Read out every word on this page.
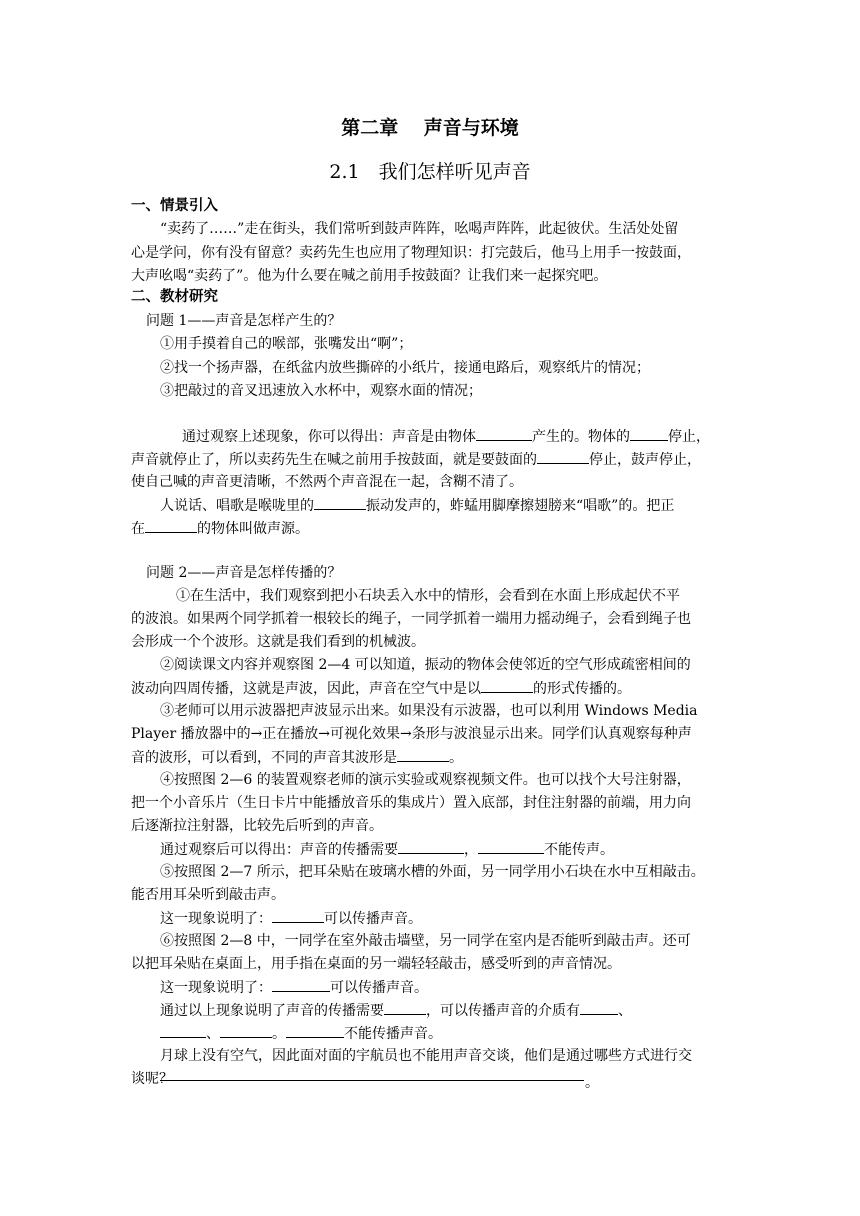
第二章　 声音与环境
2.1　我们怎样听见声音
一、情景引入
“卖药了……”走在街头，我们常听到鼓声阵阵，吆喝声阵阵，此起彼伏。生活处处留
心是学问，你有没有留意？卖药先生也应用了物理知识：打完鼓后，他马上用手一按鼓面，
大声吆喝“卖药了”。他为什么要在喊之前用手按鼓面？让我们来一起探究吧。
二、教材研究
问题 1——声音是怎样产生的？
①用手摸着自己的喉部，张嘴发出“啊”；
②找一个扬声器，在纸盆内放些撕碎的小纸片，接通电路后，观察纸片的情况；
③把敲过的音叉迅速放入水杯中，观察水面的情况；
通过观察上述现象，你可以得出：声音是由物体	产生的。物体的	停止，
声音就停止了，所以卖药先生在喊之前用手按鼓面，就是要鼓面的	停止，鼓声停止，
使自己喊的声音更清晰，不然两个声音混在一起，含糊不清了。
人说话、唱歌是喉咙里的	振动发声的，蚱蜢用脚摩擦翅膀来“唱歌”的。把正
在	的物体叫做声源。
问题 2——声音是怎样传播的？
①在生活中，我们观察到把小石块丢入水中的情形，会看到在水面上形成起伏不平
的波浪。如果两个同学抓着一根较长的绳子，一同学抓着一端用力摇动绳子，会看到绳子也
会形成一个个波形。这就是我们看到的机械波。
②阅读课文内容并观察图 2—4 可以知道，振动的物体会使邻近的空气形成疏密相间的
波动向四周传播，这就是声波，因此，声音在空气中是以	的形式传播的。
③老师可以用示波器把声波显示出来。如果没有示波器，也可以利用 Windows Media
Player 播放器中的→正在播放→可视化效果→条形与波浪显示出来。同学们认真观察每种声
音的波形，可以看到，不同的声音其波形是	。
④按照图 2—6 的装置观察老师的演示实验或观察视频文件。也可以找个大号注射器，
把一个小音乐片（生日卡片中能播放音乐的集成片）置入底部，封住注射器的前端，用力向
后逐渐拉注射器，比较先后听到的声音。
通过观察后可以得出：声音的传播需要	，	不能传声。
⑤按照图 2—7 所示，把耳朵贴在玻璃水槽的外面，另一同学用小石块在水中互相敲击。
能否用耳朵听到敲击声。
这一现象说明了：	可以传播声音。
⑥按照图 2—8 中，一同学在室外敲击墙壁，另一同学在室内是否能听到敲击声。还可
以把耳朵贴在桌面上，用手指在桌面的另一端轻轻敲击，感受听到的声音情况。
这一现象说明了：	可以传播声音。
通过以上现象说明了声音的传播需要	，可以传播声音的介质有	、
、	。	不能传播声音。
月球上没有空气，因此面对面的宇航员也不能用声音交谈，他们是通过哪些方式进行交
谈呢？	。
